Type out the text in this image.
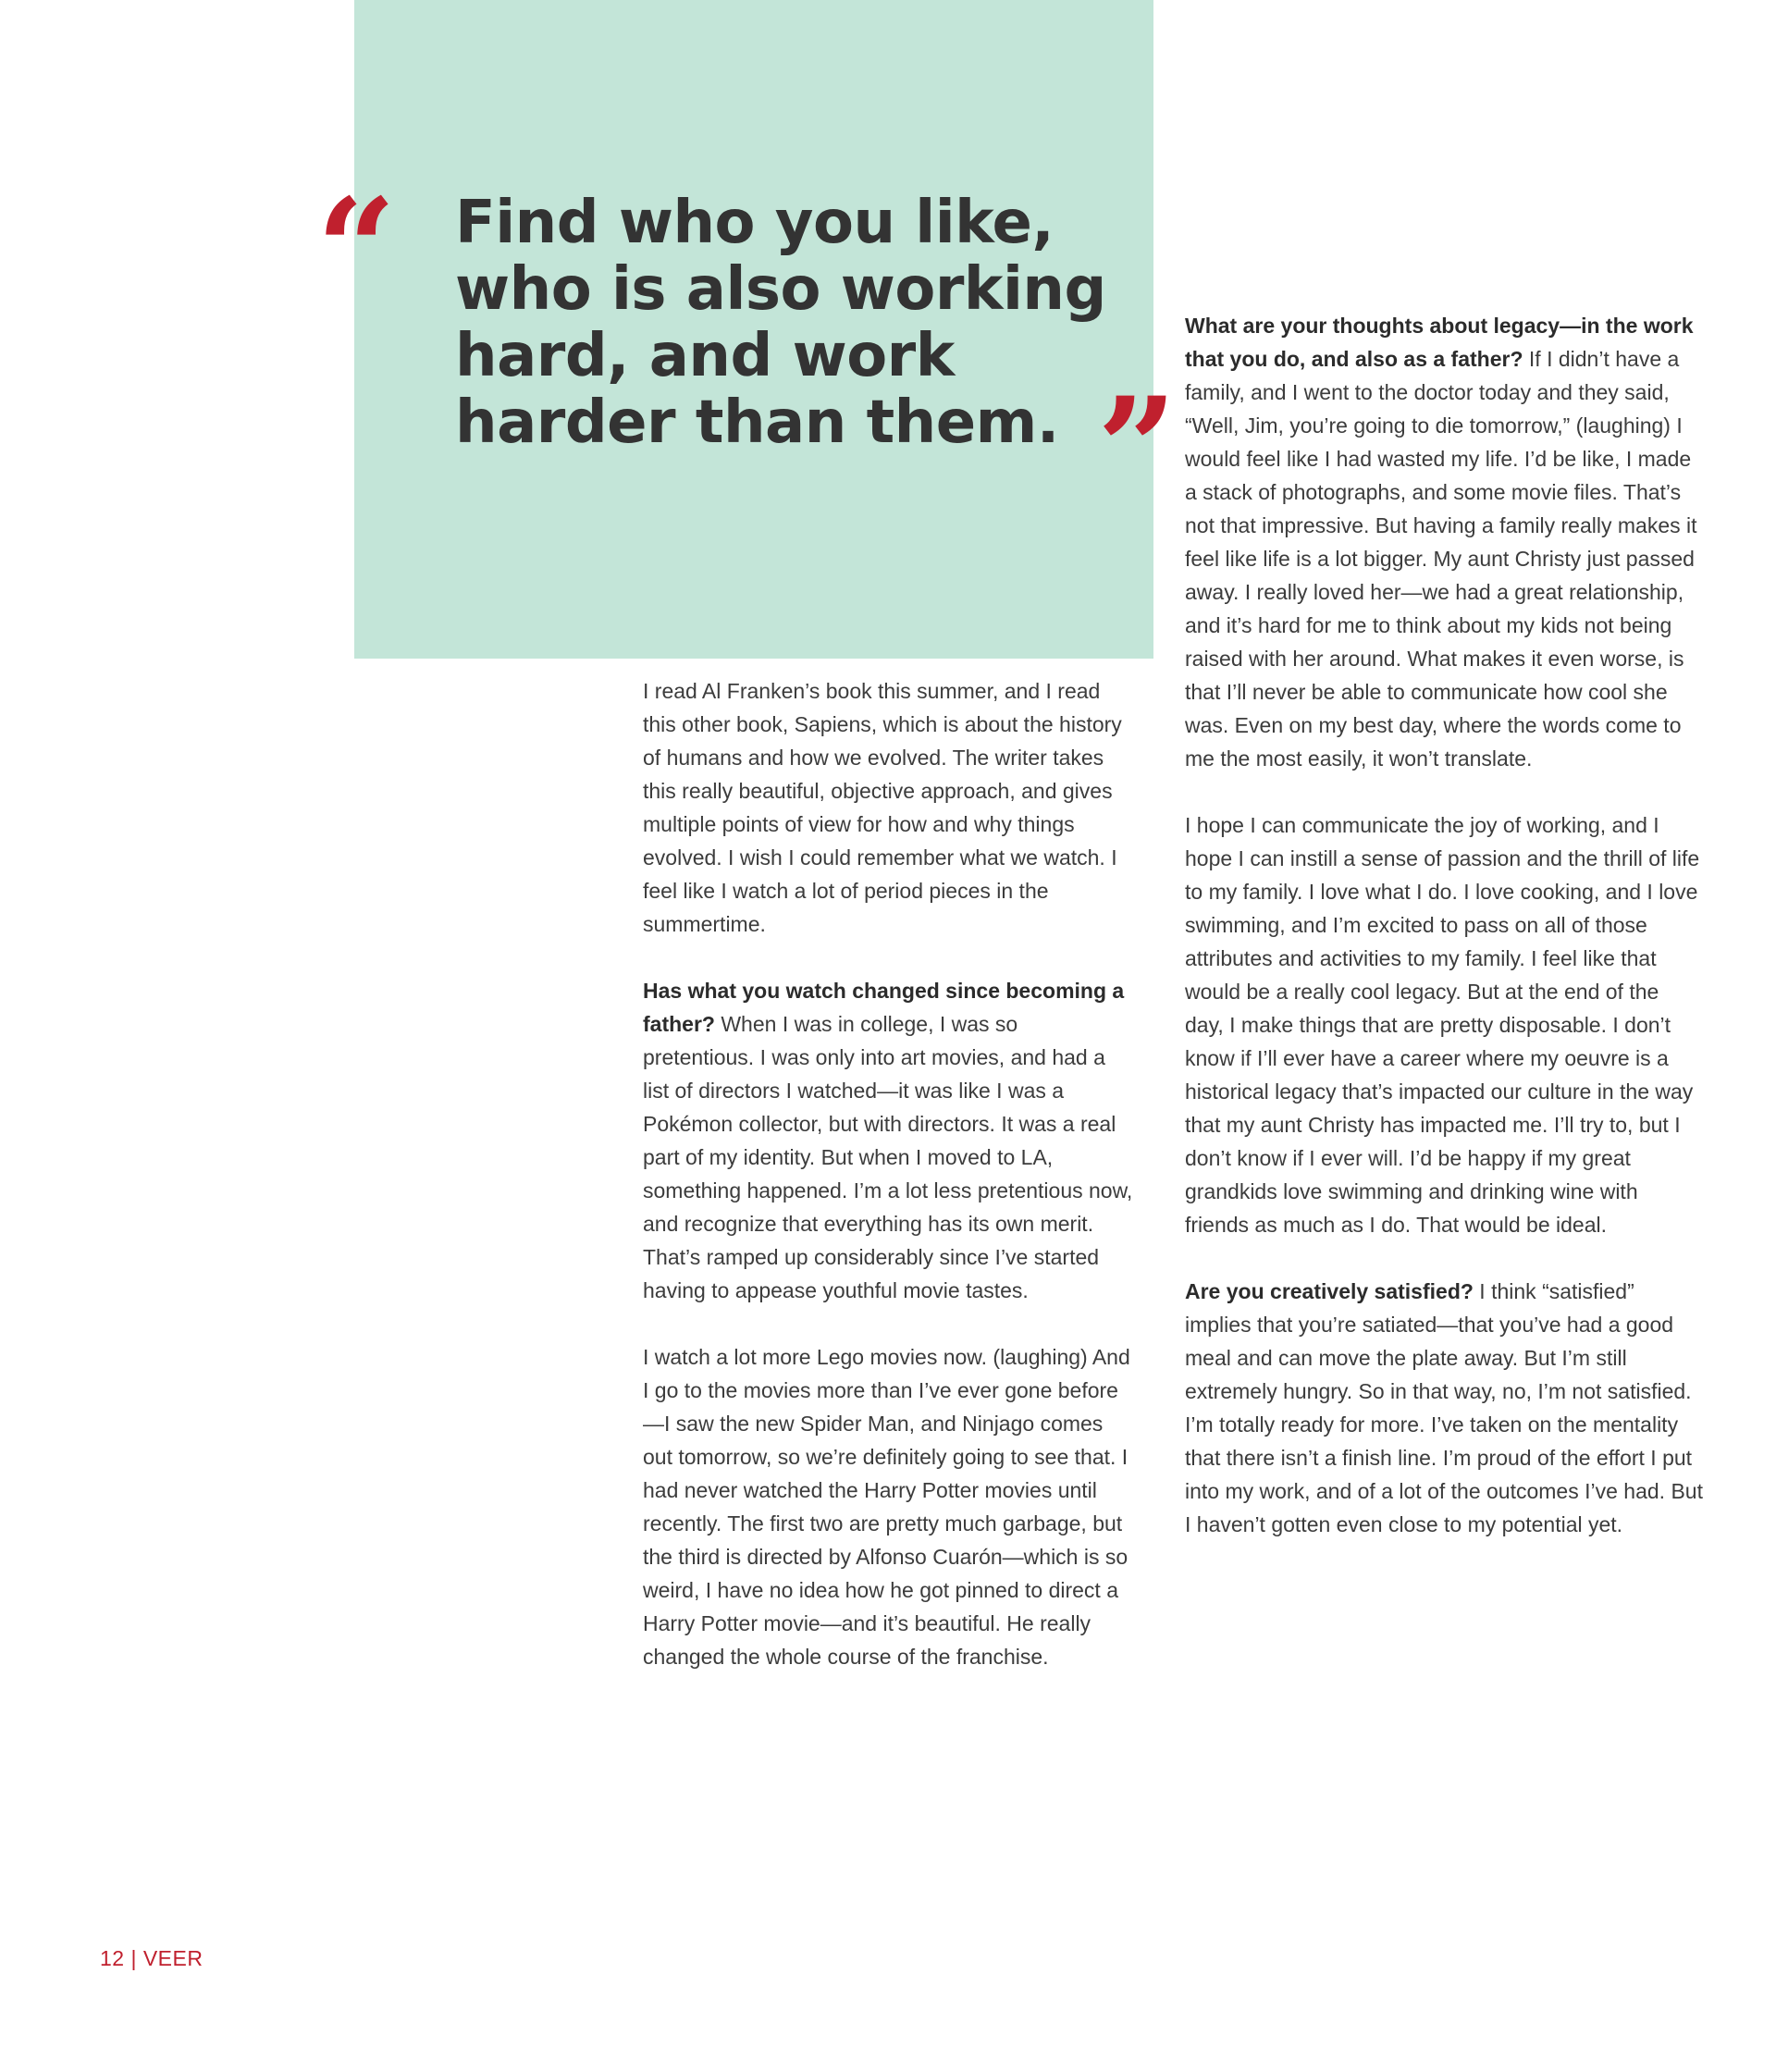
“ Find who you like,
who is also working
hard, and work
harder than them. ”

I read Al Franken’s book this summer, and I read this other book, Sapiens, which is about the history of humans and how we evolved. The writer takes this really beautiful, objective approach, and gives multiple points of view for how and why things evolved. I wish I could remember what we watch. I feel like I watch a lot of period pieces in the summertime.

Has what you watch changed since becoming a father? When I was in college, I was so pretentious. I was only into art movies, and had a list of directors I watched—it was like I was a Pokémon collector, but with directors. It was a real part of my identity. But when I moved to LA, something happened. I’m a lot less pretentious now, and recognize that everything has its own merit. That’s ramped up considerably since I’ve started having to appease youthful movie tastes.

I watch a lot more Lego movies now. (laughing) And I go to the movies more than I’ve ever gone before—I saw the new Spider Man, and Ninjago comes out tomorrow, so we’re definitely going to see that. I had never watched the Harry Potter movies until recently. The first two are pretty much garbage, but the third is directed by Alfonso Cuarón—which is so weird, I have no idea how he got pinned to direct a Harry Potter movie—and it’s beautiful. He really changed the whole course of the franchise.

What are your thoughts about legacy—in the work that you do, and also as a father? If I didn’t have a family, and I went to the doctor today and they said, “Well, Jim, you’re going to die tomorrow,” (laughing) I would feel like I had wasted my life. I’d be like, I made a stack of photographs, and some movie files. That’s not that impressive. But having a family really makes it feel like life is a lot bigger. My aunt Christy just passed away. I really loved her—we had a great relationship, and it’s hard for me to think about my kids not being raised with her around. What makes it even worse, is that I’ll never be able to communicate how cool she was. Even on my best day, where the words come to me the most easily, it won’t translate.

I hope I can communicate the joy of working, and I hope I can instill a sense of passion and the thrill of life to my family. I love what I do. I love cooking, and I love swimming, and I’m excited to pass on all of those attributes and activities to my family. I feel like that would be a really cool legacy. But at the end of the day, I make things that are pretty disposable. I don’t know if I’ll ever have a career where my oeuvre is a historical legacy that’s impacted our culture in the way that my aunt Christy has impacted me. I’ll try to, but I don’t know if I ever will. I’d be happy if my great grandkids love swimming and drinking wine with friends as much as I do. That would be ideal.

Are you creatively satisfied? I think “satisfied” implies that you’re satiated—that you’ve had a good meal and can move the plate away. But I’m still extremely hungry. So in that way, no, I’m not satisfied. I’m totally ready for more. I’ve taken on the mentality that there isn’t a finish line. I’m proud of the effort I put into my work, and of a lot of the outcomes I’ve had. But I haven’t gotten even close to my potential yet.

12 | VEER
